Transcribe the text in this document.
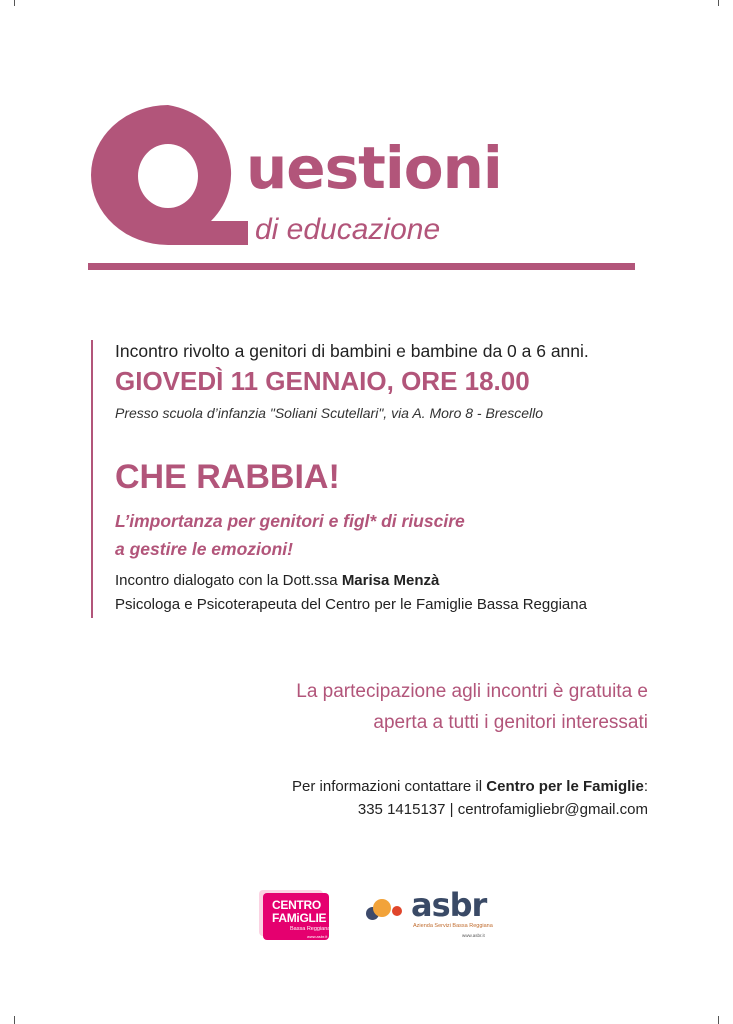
uestioni
di educazione
Incontro rivolto a genitori di bambini e bambine da 0 a 6 anni.
GIOVEDÌ 11 GENNAIO, ORE 18.00
Presso scuola d’infanzia "Soliani Scutellari", via A. Moro 8 - Brescello
CHE RABBIA!
L’importanza per genitori e figl* di riuscire
a gestire le emozioni!
Incontro dialogato con la Dott.ssa Marisa Menzà
Psicologa e Psicoterapeuta del Centro per le Famiglie Bassa Reggiana
La partecipazione agli incontri è gratuita e
aperta a tutti i genitori interessati
Per informazioni contattare il Centro per le Famiglie:
335 1415137 | centrofamigliebr@gmail.com
CENTRO
FAMiGLIE
Bassa Reggiana
www.asbr.it
asbr
Azienda Servizi Bassa Reggiana
www.asbr.it
